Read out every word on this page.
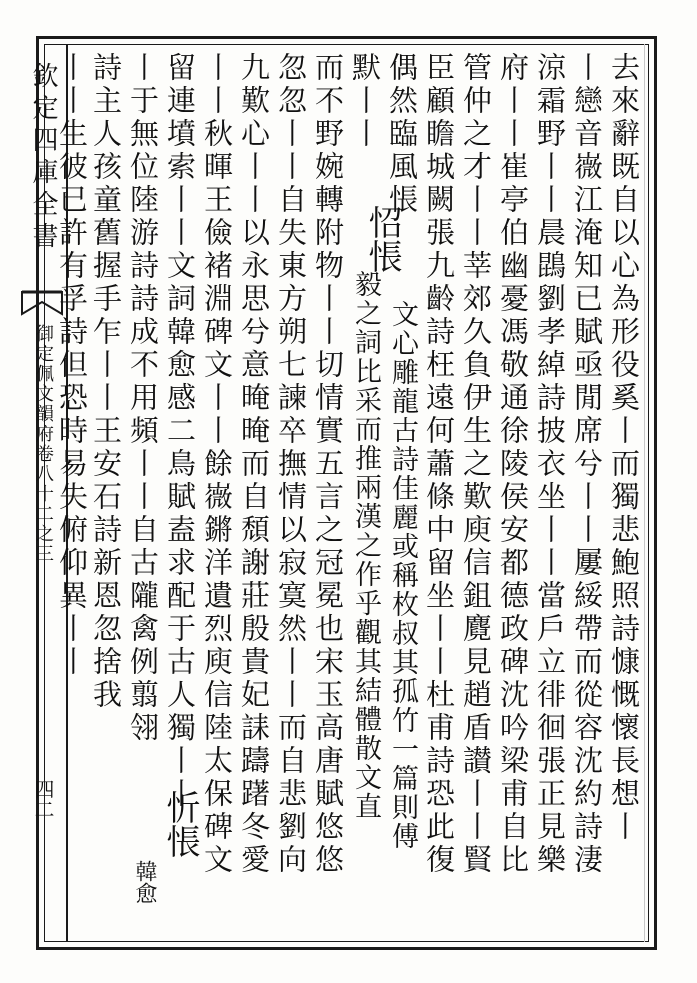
欽定四庫全書
御定佩文韻府卷八十二之三
四二	去來辭既自以心為形役奚丨而獨悲鮑照詩慷慨懷長想丨
丨戀音嶶江淹知已賦亟閒席兮丨丨屢綏帶而從容沈約詩淒
涼霜野丨丨晨鵾劉孝綽詩披衣坐丨丨當戶立徘徊張正見樂
府丨丨崔亭伯幽憂馮敬通徐陵侯安都德政碑沈吟梁甫自比
管仲之才丨丨莘郊久負伊生之歎庾信鉏麑見趙盾讃丨丨賢
臣顧瞻城闕張九齡詩枉遠何蕭條中留坐丨丨杜甫詩恐此復
偶然臨風悵
默丨丨
怊悵
文心雕龍古詩佳麗或稱枚叔其孤竹一篇則傅
毅之詞比采而推兩漢之作乎觀其結體散文直
而不野婉轉附物丨丨切情實五言之冠冕也宋玉高唐賦悠悠
忽忽丨丨自失東方朔七諫卒撫情以寂寞然丨丨而自悲劉向
九歎心丨丨以永思兮意晻晻而自頹謝莊殷貴妃誄躊躇冬愛
丨丨秋暉王儉褚淵碑文丨丨餘嶶鏘洋遺烈庾信陸太保碑文
留連墳索丨丨文詞韓愈感二鳥賦盍求配于古人獨丨丨
丨于無位陸游詩詩成不用頻丨丨自古隴禽例翦翎
詩主人孩童舊握手乍丨丨王安石詩新恩忽捨我
丨丨生彼已許有孚詩但恐時易失俯仰異丨丨
忻悵
韓愈
